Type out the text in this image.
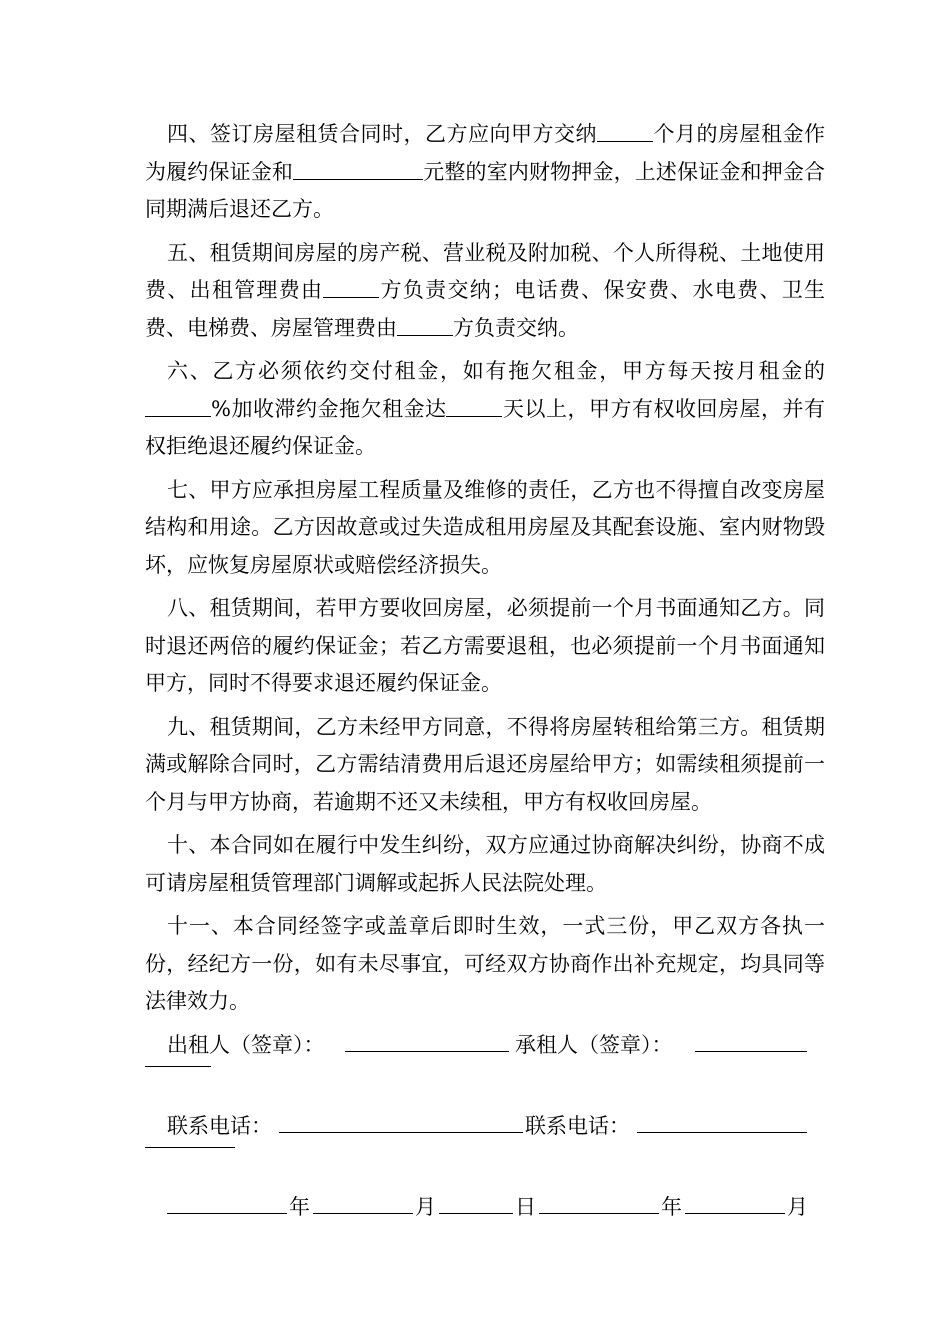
四、签订房屋租赁合同时，乙方应向甲方交纳	个月的房屋租金作为履约保证金和	元整的室内财物押金，上述保证金和押金合同期满后退还乙方。

五、租赁期间房屋的房产税、营业税及附加税、个人所得税、土地使用费、出租管理费由	方负责交纳；电话费、保安费、水电费、卫生费、电梯费、房屋管理费由	方负责交纳。

六、乙方必须依约交付租金，如有拖欠租金，甲方每天按月租金的%加收滞约金拖欠租金达	天以上，甲方有权收回房屋，并有权拒绝退还履约保证金。

七、甲方应承担房屋工程质量及维修的责任，乙方也不得擅自改变房屋结构和用途。乙方因故意或过失造成租用房屋及其配套设施、室内财物毁坏，应恢复房屋原状或赔偿经济损失。

八、租赁期间，若甲方要收回房屋，必须提前一个月书面通知乙方。同时退还两倍的履约保证金；若乙方需要退租，也必须提前一个月书面通知甲方，同时不得要求退还履约保证金。

九、租赁期间，乙方未经甲方同意，不得将房屋转租给第三方。租赁期满或解除合同时，乙方需结清费用后退还房屋给甲方；如需续租须提前一个月与甲方协商，若逾期不还又未续租，甲方有权收回房屋。

十、本合同如在履行中发生纠纷，双方应通过协商解决纠纷，协商不成可请房屋租赁管理部门调解或起拆人民法院处理。

十一、本合同经签字或盖章后即时生效，一式三份，甲乙双方各执一份，经纪方一份，如有未尽事宜，可经双方协商作出补充规定，均具同等法律效力。

出租人（签章）：	承租人（签章）：
联系电话：	联系电话：
年	月	日	年	月
